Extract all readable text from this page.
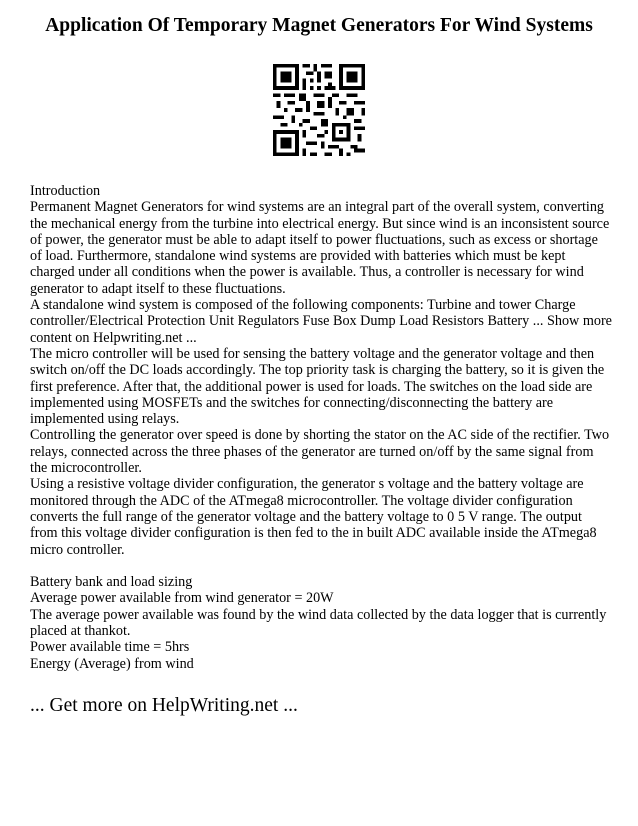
Application Of Temporary Magnet Generators For Wind Systems

Introduction

Permanent Magnet Generators for wind systems are an integral part of the overall system, converting the mechanical energy from the turbine into electrical energy. But since wind is an inconsistent source of power, the generator must be able to adapt itself to power fluctuations, such as excess or shortage of load. Furthermore, standalone wind systems are provided with batteries which must be kept charged under all conditions when the power is available. Thus, a controller is necessary for wind generator to adapt itself to these fluctuations.

A standalone wind system is composed of the following components: Turbine and tower Charge controller/Electrical Protection Unit Regulators Fuse Box Dump Load Resistors Battery ... Show more content on Helpwriting.net ...

The micro controller will be used for sensing the battery voltage and the generator voltage and then switch on/off the DC loads accordingly. The top priority task is charging the battery, so it is given the first preference. After that, the additional power is used for loads. The switches on the load side are implemented using MOSFETs and the switches for connecting/disconnecting the battery are implemented using relays.

Controlling the generator over speed is done by shorting the stator on the AC side of the rectifier. Two relays, connected across the three phases of the generator are turned on/off by the same signal from the microcontroller.

Using a resistive voltage divider configuration, the generator s voltage and the battery voltage are monitored through the ADC of the ATmega8 microcontroller. The voltage divider configuration converts the full range of the generator voltage and the battery voltage to 0 5 V range. The output from this voltage divider configuration is then fed to the in built ADC available inside the ATmega8 micro controller.

Battery bank and load sizing

Average power available from wind generator = 20W

The average power available was found by the wind data collected by the data logger that is currently placed at thankot.

Power available time = 5hrs

Energy (Average) from wind

... Get more on HelpWriting.net ...
